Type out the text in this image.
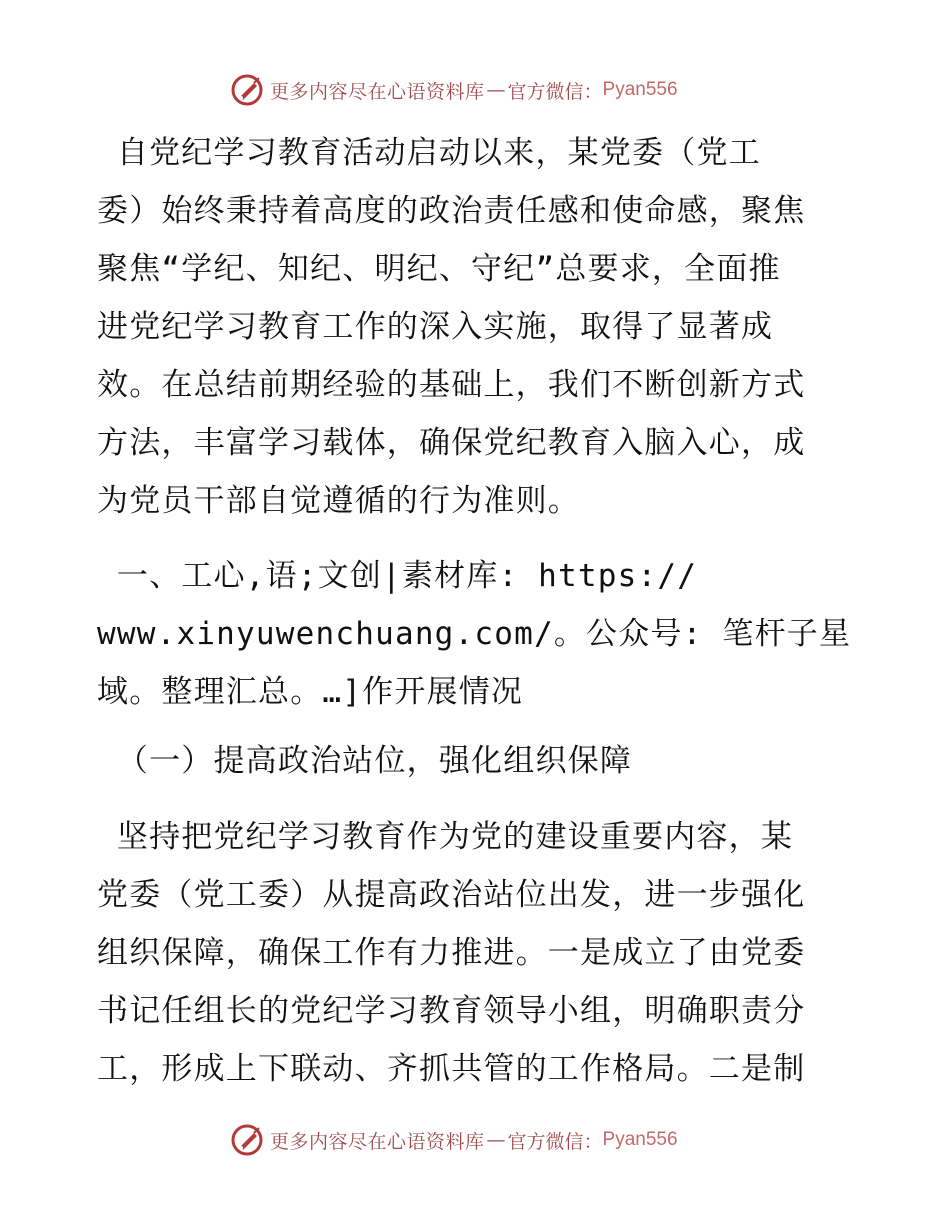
更多内容尽在心语资料库 — 官方微信： Pyan556
自党纪学习教育活动启动以来，某党委（党工
委）始终秉持着高度的政治责任感和使命感，聚焦
聚焦“学纪、知纪、明纪、守纪”总要求，全面推
进党纪学习教育工作的深入实施，取得了显著成
效。在总结前期经验的基础上，我们不断创新方式
方法，丰富学习载体，确保党纪教育入脑入心，成
为党员干部自觉遵循的行为准则。
一、工心,语;文创|素材库: https://
www.xinyuwenchuang.com/。公众号: 笔杆子星
域。整理汇总。…]作开展情况
（一）提高政治站位，强化组织保障
坚持把党纪学习教育作为党的建设重要内容，某
党委（党工委）从提高政治站位出发，进一步强化
组织保障，确保工作有力推进。一是成立了由党委
书记任组长的党纪学习教育领导小组，明确职责分
工，形成上下联动、齐抓共管的工作格局。二是制
更多内容尽在心语资料库 — 官方微信： Pyan556
